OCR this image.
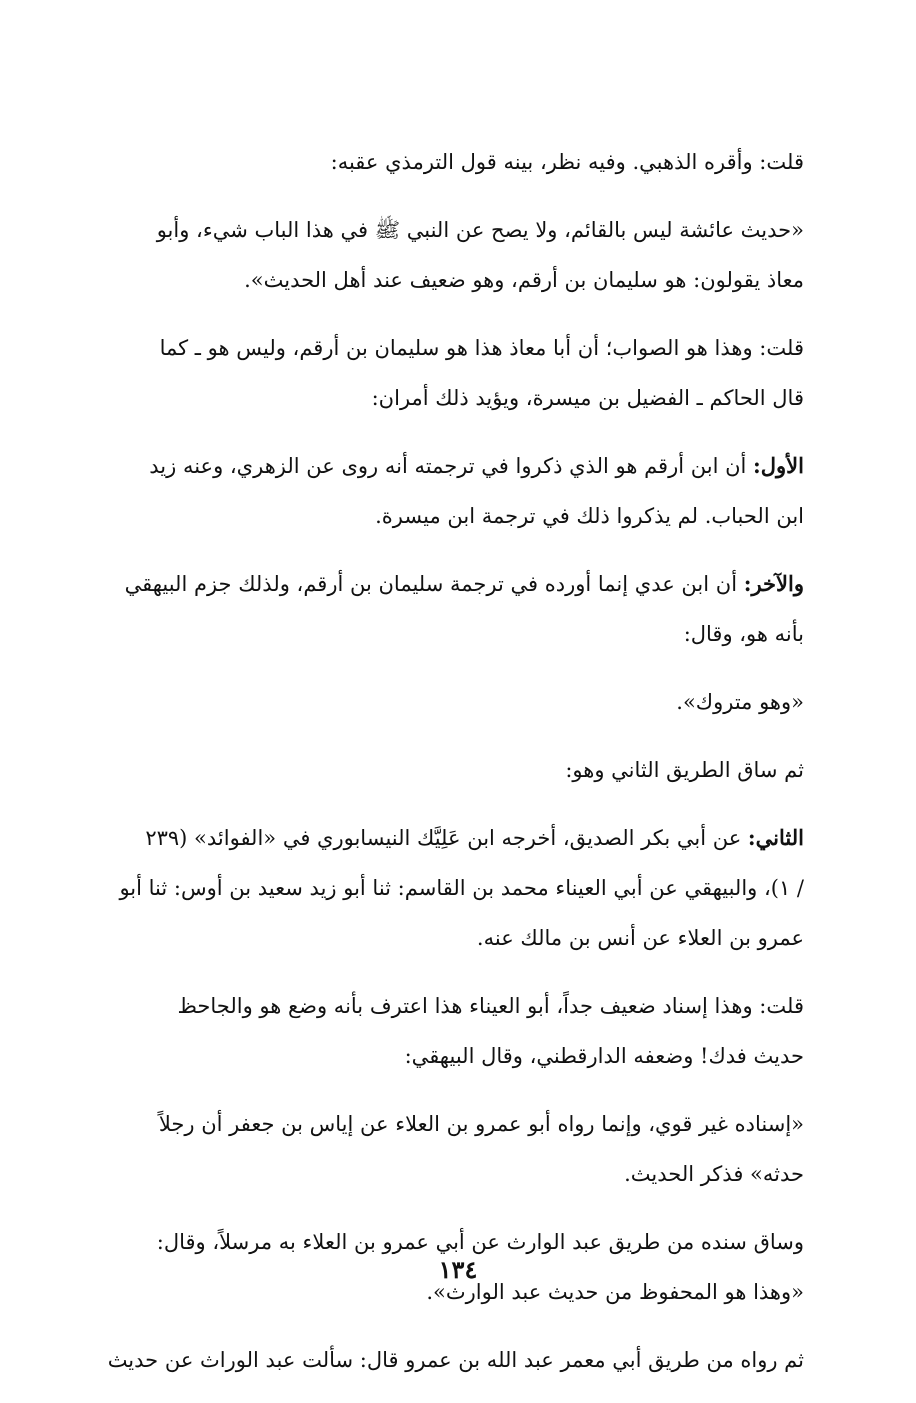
قلت: وأقره الذهبي. وفيه نظر، بينه قول الترمذي عقبه:

«حديث عائشة ليس بالقائم، ولا يصح عن النبي ﷺ في هذا الباب شيء، وأبو
معاذ يقولون: هو سليمان بن أرقم، وهو ضعيف عند أهل الحديث».

قلت: وهذا هو الصواب؛ أن أبا معاذ هذا هو سليمان بن أرقم، وليس هو ـ كما
قال الحاكم ـ الفضيل بن ميسرة، ويؤيد ذلك أمران:

الأول: أن ابن أرقم هو الذي ذكروا في ترجمته أنه روى عن الزهري، وعنه زيد
ابن الحباب. لم يذكروا ذلك في ترجمة ابن ميسرة.

والآخر: أن ابن عدي إنما أورده في ترجمة سليمان بن أرقم، ولذلك جزم البيهقي
بأنه هو، وقال:

«وهو متروك».

ثم ساق الطريق الثاني وهو:

الثاني: عن أبي بكر الصديق، أخرجه ابن عَلِيَّك النيسابوري في «الفوائد» (٢٣٩
/ ١)، والبيهقي عن أبي العيناء محمد بن القاسم: ثنا أبو زيد سعيد بن أوس: ثنا أبو
عمرو بن العلاء عن أنس بن مالك عنه.

قلت: وهذا إسناد ضعيف جداً، أبو العيناء هذا اعترف بأنه وضع هو والجاحظ
حديث فدك! وضعفه الدارقطني، وقال البيهقي:

«إسناده غير قوي، وإنما رواه أبو عمرو بن العلاء عن إياس بن جعفر أن رجلاً
حدثه» فذكر الحديث.

وساق سنده من طريق عبد الوارث عن أبي عمرو بن العلاء به مرسلاً، وقال:
«وهذا هو المحفوظ من حديث عبد الوارث».

ثم رواه من طريق أبي معمر عبد الله بن عمرو قال: سألت عبد الوراث عن حديث

١٣٤
